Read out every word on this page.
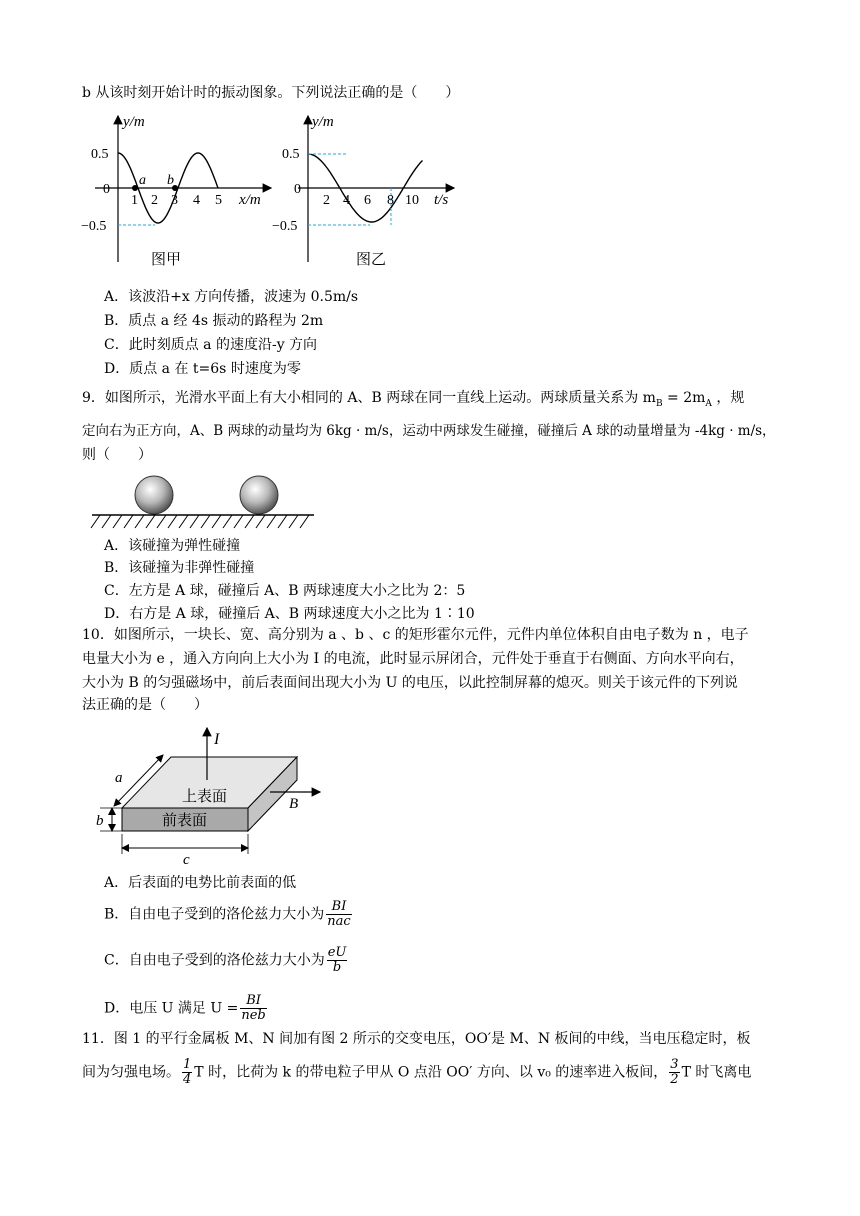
b 从该时刻开始计时的振动图象。下列说法正确的是（　　）
y/m
0.5
0
−0.5
1 2 3 4 5
a b
x/m
图甲
y/m
0.5
0
−0.5
2 4 6 8 10 t/s
图乙
A．该波沿+x 方向传播，波速为 0.5m/s
B．质点 a 经 4s 振动的路程为 2m
C．此时刻质点 a 的速度沿-y 方向
D．质点 a 在 t=6s 时速度为零
9．如图所示，光滑水平面上有大小相同的 A、B 两球在同一直线上运动。两球质量关系为 $m_B = 2m_A$ ，规
定向右为正方向，A、B 两球的动量均为 6kg · m/s，运动中两球发生碰撞，碰撞后 A 球的动量增量为 -4kg · m/s，
则（　　）
A．该碰撞为弹性碰撞
B．该碰撞为非弹性碰撞
C．左方是 A 球，碰撞后 A、B 两球速度大小之比为 2：5
D．右方是 A 球，碰撞后 A、B 两球速度大小之比为 1∶10
10．如图所示，一块长、宽、高分别为 a 、b 、c 的矩形霍尔元件，元件内单位体积自由电子数为 n ，电子
电量大小为 e ，通入方向向上大小为 I 的电流，此时显示屏闭合，元件处于垂直于右侧面、方向水平向右，
大小为 B 的匀强磁场中，前后表面间出现大小为 U 的电压，以此控制屏幕的熄灭。则关于该元件的下列说
法正确的是（　　）
I
B
a
b
c
上表面
前表面
A．后表面的电势比前表面的低
B．自由电子受到的洛伦兹力大小为 $\frac{BI}{\text{nac}}$
C．自由电子受到的洛伦兹力大小为 $\frac{eU}{b}$
D．电压 U 满足 $U = \frac{BI}{\text{neb}}$
11．图 1 的平行金属板 M、N 间加有图 2 所示的交变电压，OO′是 M、N 板间的中线，当电压稳定时，板
间为匀强电场。 $\frac{1}{4}$ T 时，比荷为 k 的带电粒子甲从 O 点沿 OO′ 方向、以 v₀ 的速率进入板间， $\frac{3}{2}$ T 时飞离电
